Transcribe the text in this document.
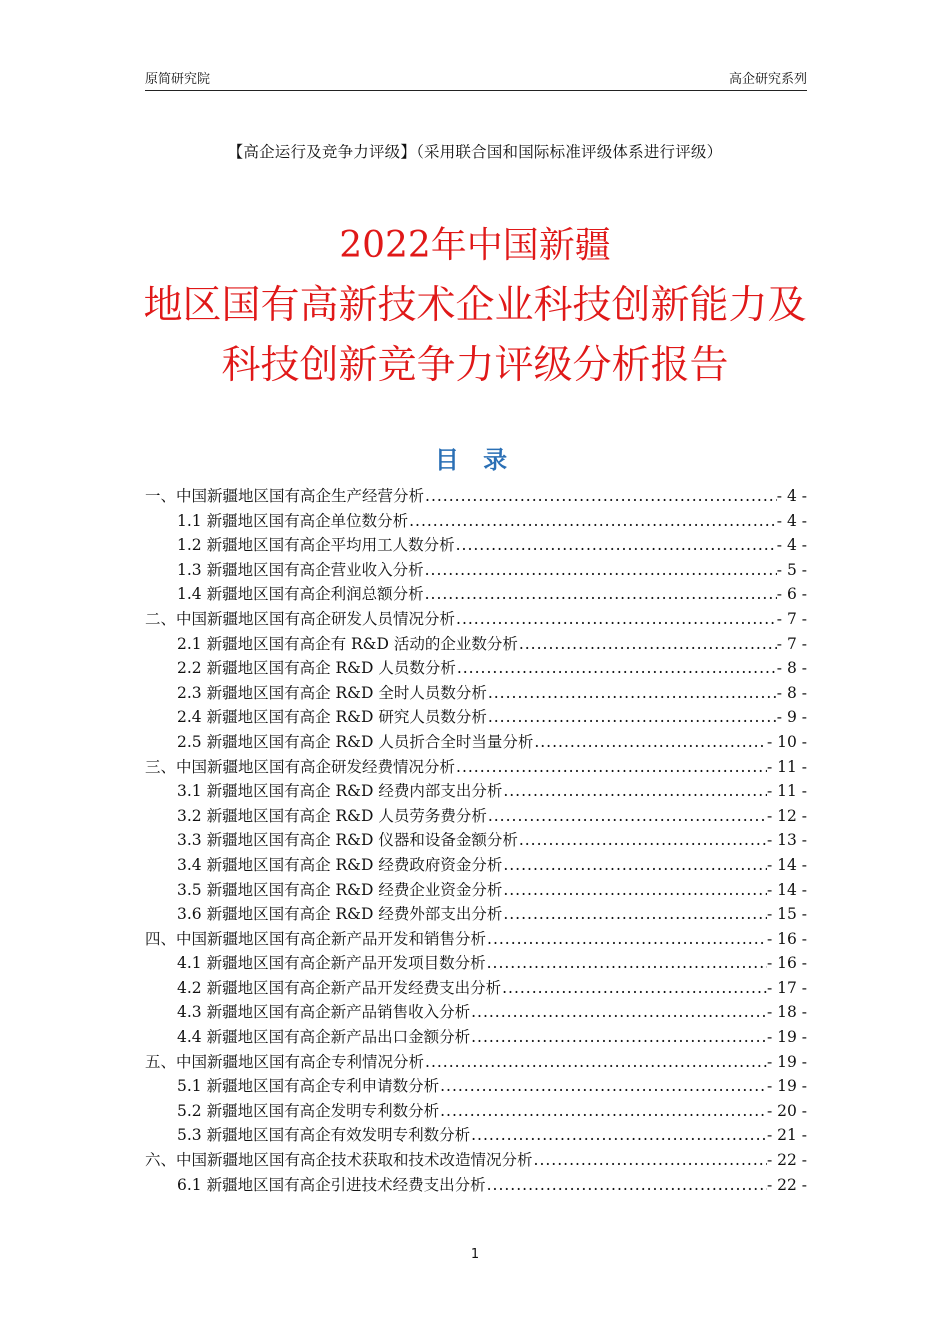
原简研究院	高企研究系列
【高企运行及竞争力评级】（采用联合国和国际标准评级体系进行评级）
2022年中国新疆
地区国有高新技术企业科技创新能力及
科技创新竞争力评级分析报告
目 录
一、中国新疆地区国有高企生产经营分析 .....	- 4 -
1.1 新疆地区国有高企单位数分析 .....	- 4 -
1.2 新疆地区国有高企平均用工人数分析 .....	- 4 -
1.3 新疆地区国有高企营业收入分析 .....	- 5 -
1.4 新疆地区国有高企利润总额分析 .....	- 6 -
二、中国新疆地区国有高企研发人员情况分析 .....	- 7 -
2.1 新疆地区国有高企有 R&D 活动的企业数分析 .....	- 7 -
2.2 新疆地区国有高企 R&D 人员数分析 .....	- 8 -
2.3 新疆地区国有高企 R&D 全时人员数分析 .....	- 8 -
2.4 新疆地区国有高企 R&D 研究人员数分析 .....	- 9 -
2.5 新疆地区国有高企 R&D 人员折合全时当量分析 .....	- 10 -
三、中国新疆地区国有高企研发经费情况分析 .....	- 11 -
3.1 新疆地区国有高企 R&D 经费内部支出分析 .....	- 11 -
3.2 新疆地区国有高企 R&D 人员劳务费分析 .....	- 12 -
3.3 新疆地区国有高企 R&D 仪器和设备金额分析 .....	- 13 -
3.4 新疆地区国有高企 R&D 经费政府资金分析 .....	- 14 -
3.5 新疆地区国有高企 R&D 经费企业资金分析 .....	- 14 -
3.6 新疆地区国有高企 R&D 经费外部支出分析 .....	- 15 -
四、中国新疆地区国有高企新产品开发和销售分析 .....	- 16 -
4.1 新疆地区国有高企新产品开发项目数分析 .....	- 16 -
4.2 新疆地区国有高企新产品开发经费支出分析 .....	- 17 -
4.3 新疆地区国有高企新产品销售收入分析 .....	- 18 -
4.4 新疆地区国有高企新产品出口金额分析 .....	- 19 -
五、中国新疆地区国有高企专利情况分析 .....	- 19 -
5.1 新疆地区国有高企专利申请数分析 .....	- 19 -
5.2 新疆地区国有高企发明专利数分析 .....	- 20 -
5.3 新疆地区国有高企有效发明专利数分析 .....	- 21 -
六、中国新疆地区国有高企技术获取和技术改造情况分析 .....	- 22 -
6.1 新疆地区国有高企引进技术经费支出分析 .....	- 22 -
1
